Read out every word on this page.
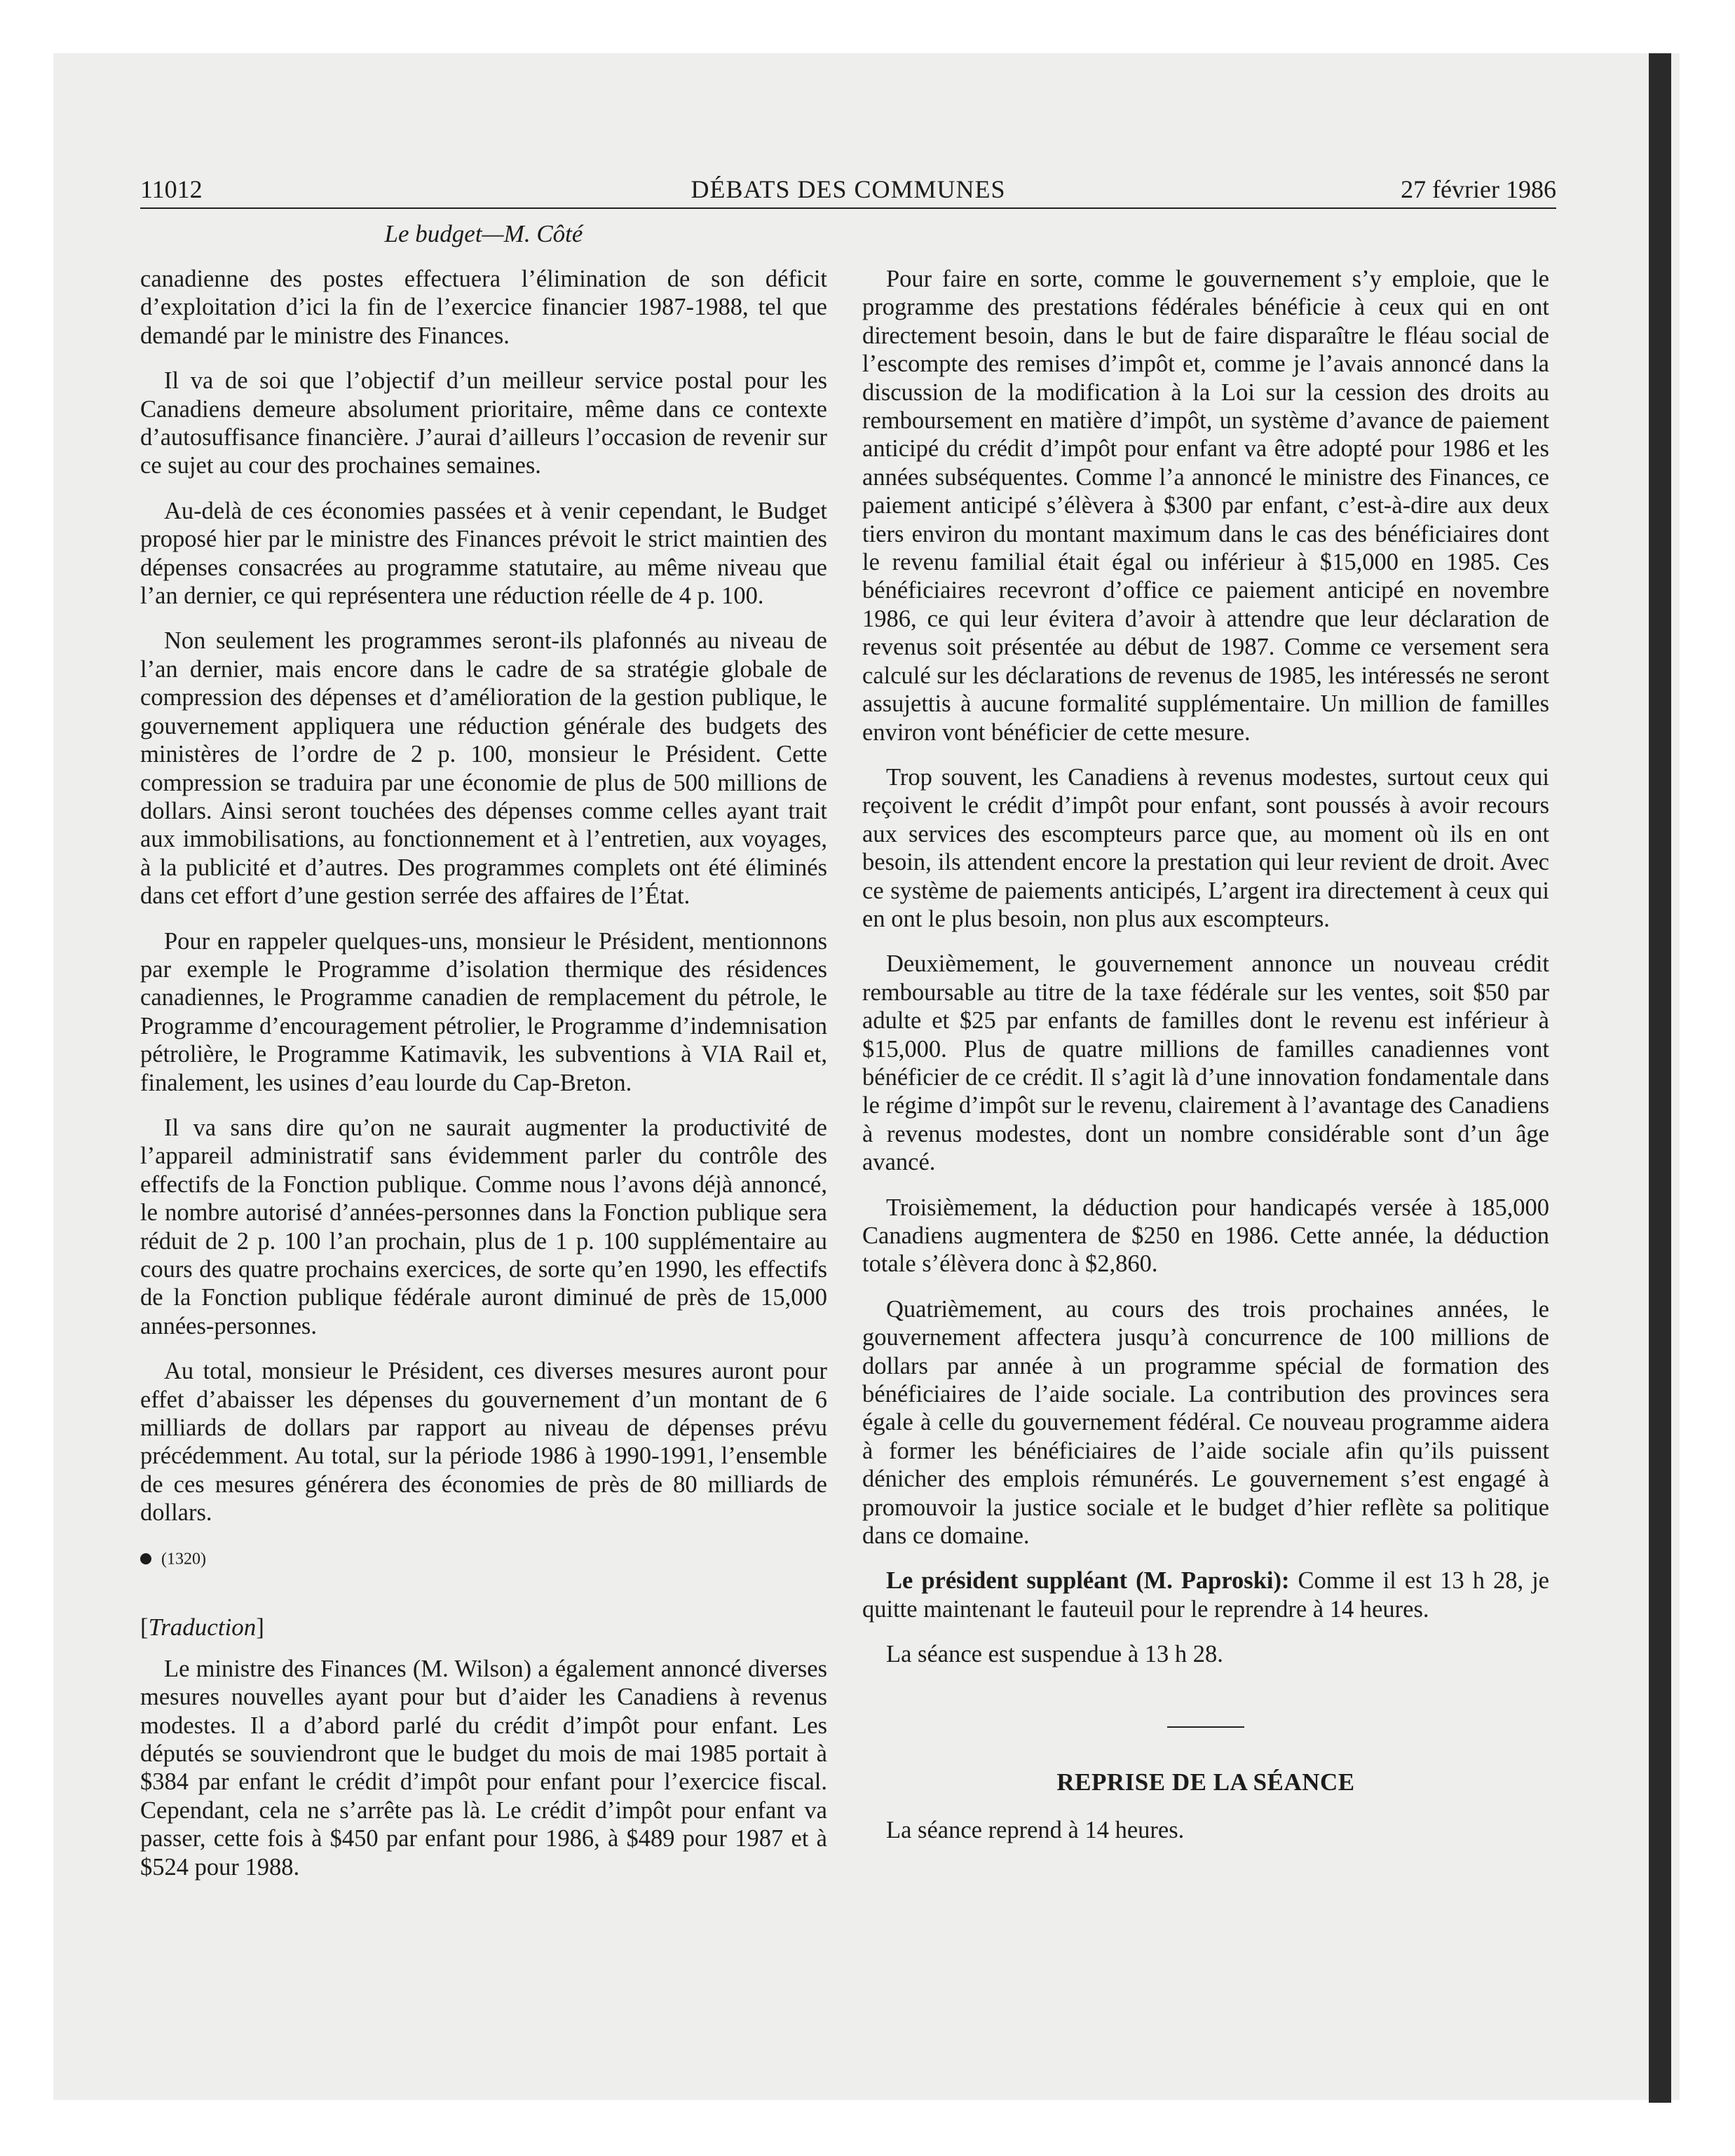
DÉBATS DES COMMUNES
11012	27 février 1986
Le budget—M. Côté

canadienne des postes effectuera l’élimination de son déficit d’exploitation d’ici la fin de l’exercice financier 1987-1988, tel que demandé par le ministre des Finances.

Il va de soi que l’objectif d’un meilleur service postal pour les Canadiens demeure absolument prioritaire, même dans ce contexte d’autosuffisance financière. J’aurai d’ailleurs l’occasion de revenir sur ce sujet au cour des prochaines semaines.

Au-delà de ces économies passées et à venir cependant, le Budget proposé hier par le ministre des Finances prévoit le strict maintien des dépenses consacrées au programme statutaire, au même niveau que l’an dernier, ce qui représentera une réduction réelle de 4 p. 100.

Non seulement les programmes seront-ils plafonnés au niveau de l’an dernier, mais encore dans le cadre de sa stratégie globale de compression des dépenses et d’amélioration de la gestion publique, le gouvernement appliquera une réduction générale des budgets des ministères de l’ordre de 2 p. 100, monsieur le Président. Cette compression se traduira par une économie de plus de 500 millions de dollars. Ainsi seront touchées des dépenses comme celles ayant trait aux immobilisations, au fonctionnement et à l’entretien, aux voyages, à la publicité et d’autres. Des programmes complets ont été éliminés dans cet effort d’une gestion serrée des affaires de l’État.

Pour en rappeler quelques-uns, monsieur le Président, mentionnons par exemple le Programme d’isolation thermique des résidences canadiennes, le Programme canadien de remplacement du pétrole, le Programme d’encouragement pétrolier, le Programme d’indemnisation pétrolière, le Programme Katimavik, les subventions à VIA Rail et, finalement, les usines d’eau lourde du Cap-Breton.

Il va sans dire qu’on ne saurait augmenter la productivité de l’appareil administratif sans évidemment parler du contrôle des effectifs de la Fonction publique. Comme nous l’avons déjà annoncé, le nombre autorisé d’années-personnes dans la Fonction publique sera réduit de 2 p. 100 l’an prochain, plus de 1 p. 100 supplémentaire au cours des quatre prochains exercices, de sorte qu’en 1990, les effectifs de la Fonction publique fédérale auront diminué de près de 15,000 années-personnes.

Au total, monsieur le Président, ces diverses mesures auront pour effet d’abaisser les dépenses du gouvernement d’un montant de 6 milliards de dollars par rapport au niveau de dépenses prévu précédemment. Au total, sur la période 1986 à 1990-1991, l’ensemble de ces mesures générera des économies de près de 80 milliards de dollars.

(1320)
[Traduction]

Le ministre des Finances (M. Wilson) a également annoncé diverses mesures nouvelles ayant pour but d’aider les Canadiens à revenus modestes. Il a d’abord parlé du crédit d’impôt pour enfant. Les députés se souviendront que le budget du mois de mai 1985 portait à $384 par enfant le crédit d’impôt pour enfant pour l’exercice fiscal. Cependant, cela ne s’arrête pas là. Le crédit d’impôt pour enfant va passer, cette fois à $450 par enfant pour 1986, à $489 pour 1987 et à $524 pour 1988.

Pour faire en sorte, comme le gouvernement s’y emploie, que le programme des prestations fédérales bénéficie à ceux qui en ont directement besoin, dans le but de faire disparaître le fléau social de l’escompte des remises d’impôt et, comme je l’avais annoncé dans la discussion de la modification à la Loi sur la cession des droits au remboursement en matière d’impôt, un système d’avance de paiement anticipé du crédit d’impôt pour enfant va être adopté pour 1986 et les années subséquentes. Comme l’a annoncé le ministre des Finances, ce paiement anticipé s’élèvera à $300 par enfant, c’est-à-dire aux deux tiers environ du montant maximum dans le cas des bénéficiaires dont le revenu familial était égal ou inférieur à $15,000 en 1985. Ces bénéficiaires recevront d’office ce paiement anticipé en novembre 1986, ce qui leur évitera d’avoir à attendre que leur déclaration de revenus soit présentée au début de 1987. Comme ce versement sera calculé sur les déclarations de revenus de 1985, les intéressés ne seront assujettis à aucune formalité supplémentaire. Un million de familles environ vont bénéficier de cette mesure.

Trop souvent, les Canadiens à revenus modestes, surtout ceux qui reçoivent le crédit d’impôt pour enfant, sont poussés à avoir recours aux services des escompteurs parce que, au moment où ils en ont besoin, ils attendent encore la prestation qui leur revient de droit. Avec ce système de paiements anticipés, L’argent ira directement à ceux qui en ont le plus besoin, non plus aux escompteurs.

Deuxièmement, le gouvernement annonce un nouveau crédit remboursable au titre de la taxe fédérale sur les ventes, soit $50 par adulte et $25 par enfants de familles dont le revenu est inférieur à $15,000. Plus de quatre millions de familles canadiennes vont bénéficier de ce crédit. Il s’agit là d’une innovation fondamentale dans le régime d’impôt sur le revenu, clairement à l’avantage des Canadiens à revenus modestes, dont un nombre considérable sont d’un âge avancé.

Troisièmement, la déduction pour handicapés versée à 185,000 Canadiens augmentera de $250 en 1986. Cette année, la déduction totale s’élèvera donc à $2,860.

Quatrièmement, au cours des trois prochaines années, le gouvernement affectera jusqu’à concurrence de 100 millions de dollars par année à un programme spécial de formation des bénéficiaires de l’aide sociale. La contribution des provinces sera égale à celle du gouvernement fédéral. Ce nouveau programme aidera à former les bénéficiaires de l’aide sociale afin qu’ils puissent dénicher des emplois rémunérés. Le gouvernement s’est engagé à promouvoir la justice sociale et le budget d’hier reflète sa politique dans ce domaine.

Le président suppléant (M. Paproski): Comme il est 13 h 28, je quitte maintenant le fauteuil pour le reprendre à 14 heures.

La séance est suspendue à 13 h 28.

REPRISE DE LA SÉANCE

La séance reprend à 14 heures.
